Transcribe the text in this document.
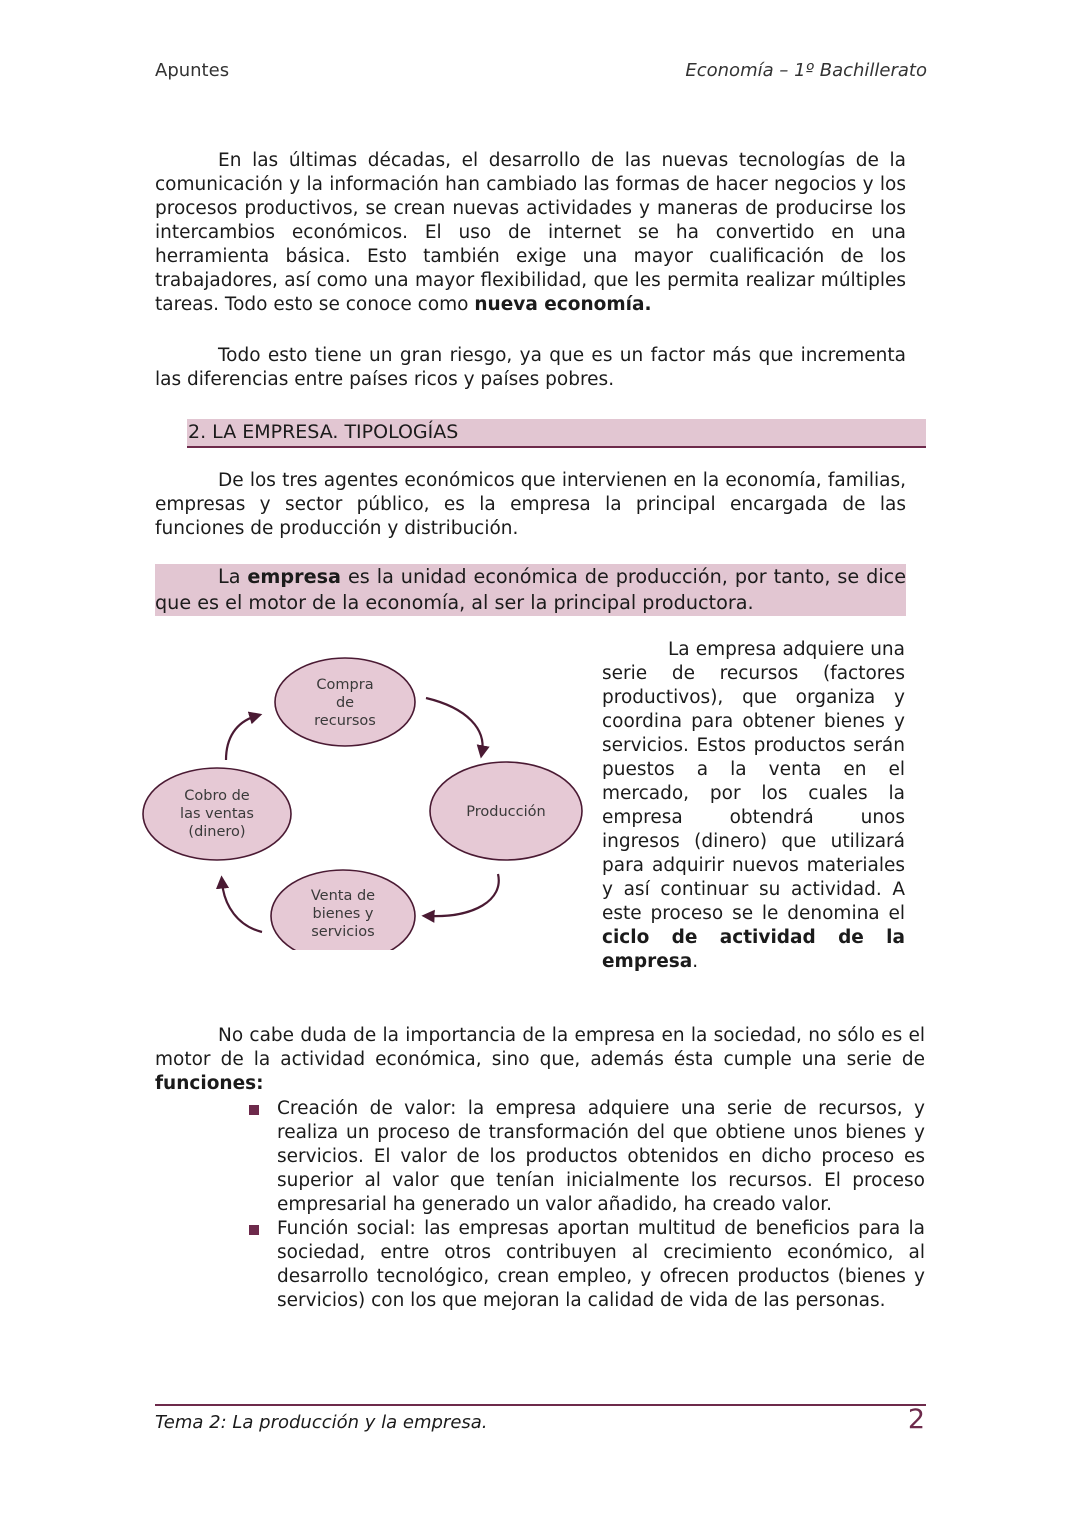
Apuntes	Economía – 1º Bachillerato

En las últimas décadas, el desarrollo de las nuevas tecnologías de la comunicación y la información han cambiado las formas de hacer negocios y los procesos productivos, se crean nuevas actividades y maneras de producirse los intercambios económicos. El uso de internet se ha convertido en una herramienta básica. Esto también exige una mayor cualificación de los trabajadores, así como una mayor flexibilidad, que les permita realizar múltiples tareas. Todo esto se conoce como nueva economía.

Todo esto tiene un gran riesgo, ya que es un factor más que incrementa las diferencias entre países ricos y países pobres.

2. LA EMPRESA. TIPOLOGÍAS

De los tres agentes económicos que intervienen en la economía, familias, empresas y sector público, es la empresa la principal encargada de las funciones de producción y distribución.

La empresa es la unidad económica de producción, por tanto, se dice que es el motor de la economía, al ser la principal productora.

Compra
de
recursos
Producción
Venta de
bienes y
servicios
Cobro de
las ventas
(dinero)

La empresa adquiere una serie de recursos (factores productivos), que organiza y coordina para obtener bienes y servicios. Estos productos serán puestos a la venta en el mercado, por los cuales la empresa obtendrá unos ingresos (dinero) que utilizará para adquirir nuevos materiales y así continuar su actividad. A este proceso se le denomina el ciclo de actividad de la empresa.

No cabe duda de la importancia de la empresa en la sociedad, no sólo es el motor de la actividad económica, sino que, además ésta cumple una serie de funciones:

Creación de valor: la empresa adquiere una serie de recursos, y realiza un proceso de transformación del que obtiene unos bienes y servicios. El valor de los productos obtenidos en dicho proceso es superior al valor que tenían inicialmente los recursos. El proceso empresarial ha generado un valor añadido, ha creado valor.
Función social: las empresas aportan multitud de beneficios para la sociedad, entre otros contribuyen al crecimiento económico, al desarrollo tecnológico, crean empleo, y ofrecen productos (bienes y servicios) con los que mejoran la calidad de vida de las personas.
Tema 2: La producción y la empresa.	2
